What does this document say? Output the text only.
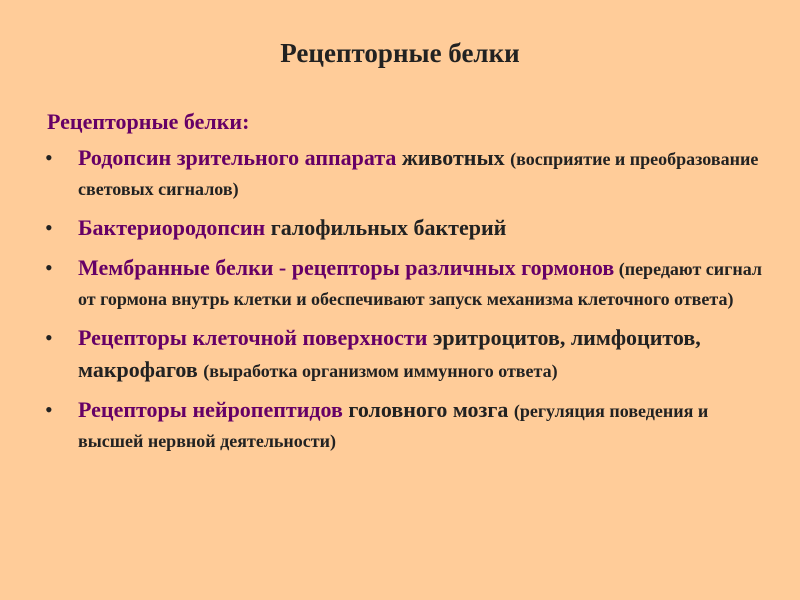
Рецепторные белки
Рецепторные белки:
• Родопсин зрительного аппарата животных (восприятие и преобразование световых сигналов)
• Бактериородопсин галофильных бактерий
• Мембранные белки - рецепторы различных гормонов (передают сигнал от гормона внутрь клетки и обеспечивают запуск механизма клеточного ответа)
• Рецепторы клеточной поверхности эритроцитов, лимфоцитов, макрофагов (выработка организмом иммунного ответа)
• Рецепторы нейропептидов головного мозга (регуляция поведения и высшей нервной деятельности)
